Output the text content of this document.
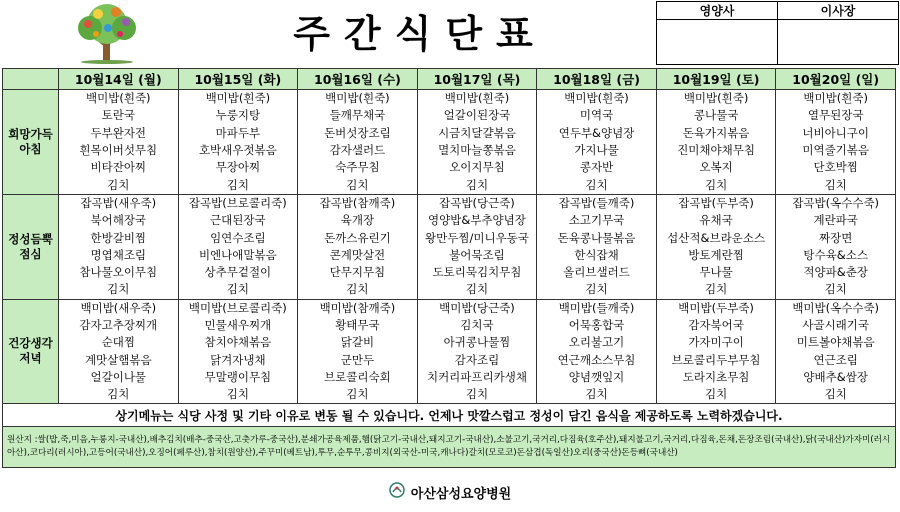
주간식단표
영양사	이사장

	10월14일 (월)	10월15일 (화)	10월16일 (수)	10월17일 (목)	10월18일 (금)	10월19일 (토)	10월20일 (일)
희망가득
아침	백미밥(흰죽)	백미밥(흰죽)	백미밥(흰죽)	백미밥(흰죽)	백미밥(흰죽)	백미밥(흰죽)	백미밥(흰죽)
	토란국	누룽지탕	들깨무채국	얼갈이된장국	미역국	콩나물국	열무된장국
	두부완자전	마파두부	돈버섯장조림	시금치달걀볶음	연두부&양념장	돈육가지볶음	너비아니구이
	흰목이버섯무침	호박새우젓볶음	감자샐러드	멸치마늘쫑볶음	가지나물	진미채야채무침	미역줄기볶음
	비타잔아찌	무장아찌	숙주무침	오이지무침	콩자반	오복지	단호박찜
	김치	김치	김치	김치	김치	김치	김치
정성듬뿍
점심	잡곡밥(새우죽)	잡곡밥(브로콜리죽)	잡곡밥(참깨죽)	잡곡밥(당근죽)	잡곡밥(들깨죽)	잡곡밥(두부죽)	잡곡밥(옥수수죽)
	북어해장국	근대된장국	육개장	영양밥&부추양념장	소고기무국	유채국	계란파국
	한방갈비찜	임연수조림	돈까스유린기	왕만두찜/미니우동국	돈육콩나물볶음	섭산적&브라운소스	짜장면
	명엽채조림	비엔나애말볶음	콘계맛살전	불어묵조림	한식잡채	방토계란찜	탕수육&소스
	참나물오이무침	상추무겉절이	단무지무침	도토리묵김치무침	올리브샐러드	무나물	적양파&춘장
	김치	김치	김치	김치	김치	김치	김치
건강생각
저녁	백미밥(새우죽)	백미밥(브로콜리죽)	백미밥(참깨죽)	백미밥(당근죽)	백미밥(들깨죽)	백미밥(두부죽)	백미밥(옥수수죽)
	감자고추장찌개	민물새우찌개	황태무국	김치국	어묵홍합국	감자북어국	사골시래기국
	순대찜	참치야채볶음	닭갈비	아귀콩나물찜	오리불고기	가자미구이	미트볼야채볶음
	계맛살햄볶음	닭겨자냉채	군만두	감자조림	연근깨소스무침	브로콜리두부무침	연근조림
	얼갈이나물	무말랭이무침	브로콜리숙회	치커리파프리카생채	양념깻잎지	도라지초무침	양배추&쌈장
	김치	김치	김치	김치	김치	김치	김치
상기메뉴는 식당 사정 및 기타 이유로 변동 될 수 있습니다. 언제나 맛깔스럽고 정성이 담긴 음식을 제공하도록 노력하겠습니다.							
원산지 :쌀(밥,죽,미음,누룽지-국내산),배추김치(배추-중국산,고춧가루-중국산),분쇄가공육제품,햄(닭고기-국내산,돼지고기-국내산),소불고기,국거리,다짐육(호주산),돼지불고기,국거리,다짐육,돈채,돈장조림(국내산),닭(국내산)가자미(러시아산),코다리(러시아),고등어(국내산),오징어(페루산),참치(원양산),주꾸미(베트남),투무,순투무,콩비지(외국산-미국,캐나다)갈치(모로코)돈삼겹(독일산)오리(중국산)돈등뼈(국내산)							
아산삼성요양병원
